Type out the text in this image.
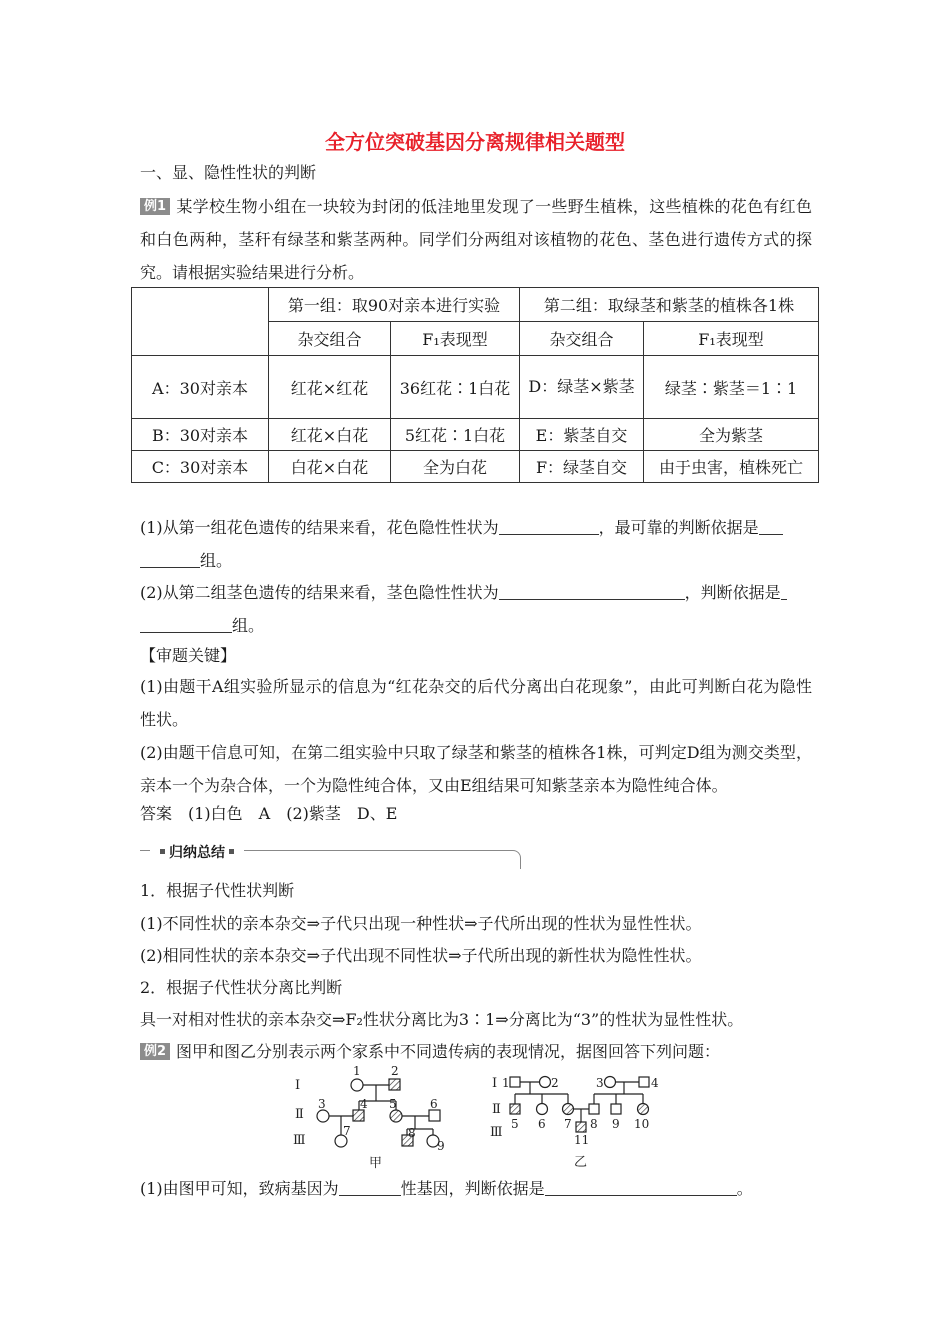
全方位突破基因分离规律相关题型
一、显、隐性性状的判断
例1 某学校生物小组在一块较为封闭的低洼地里发现了一些野生植株，这些植株的花色有红色和白色两种，茎秆有绿茎和紫茎两种。同学们分两组对该植物的花色、茎色进行遗传方式的探究。请根据实验结果进行分析。
	第一组：取90对亲本进行实验		第二组：取绿茎和紫茎的植株各1株	
	杂交组合	F₁表现型	杂交组合	F₁表现型
A：30对亲本	红花×红花	36红花∶1白花	D：绿茎×紫茎	绿茎∶紫茎＝1∶1
B：30对亲本	红花×白花	5红花∶1白花	E：紫茎自交	全为紫茎
C：30对亲本	白花×白花	全为白花	F：绿茎自交	由于虫害，植株死亡
(1)从第一组花色遗传的结果来看，花色隐性性状为	，最可靠的判断依据是
组。
(2)从第二组茎色遗传的结果来看，茎色隐性性状为	，判断依据是
组。
【审题关键】
(1)由题干A组实验所显示的信息为“红花杂交的后代分离出白花现象”，由此可判断白花为隐性性状。
(2)由题干信息可知，在第二组实验中只取了绿茎和紫茎的植株各1株，可判定D组为测交类型，亲本一个为杂合体，一个为隐性纯合体，又由E组结果可知紫茎亲本为隐性纯合体。
答案　(1)白色　A　(2)紫茎　D、E
归纳总结
1．根据子代性状判断
(1)不同性状的亲本杂交⇒子代只出现一种性状⇒子代所出现的性状为显性性状。
(2)相同性状的亲本杂交⇒子代出现不同性状⇒子代所出现的新性状为隐性性状。
2．根据子代性状分离比判断
具一对相对性状的亲本杂交⇒F₂性状分离比为3∶1⇒分离比为“3”的性状为显性性状。
例2 图甲和图乙分别表示两个家系中不同遗传病的表现情况，据图回答下列问题：
Ⅰ
Ⅱ
Ⅲ
1	2
3	4 5	6
7	8
9
甲
Ⅰ
Ⅱ
Ⅲ
1	2	3	4
5 6 7
11
8 9 10
乙
(1)由图甲可知，致病基因为	性基因，判断依据是	。
